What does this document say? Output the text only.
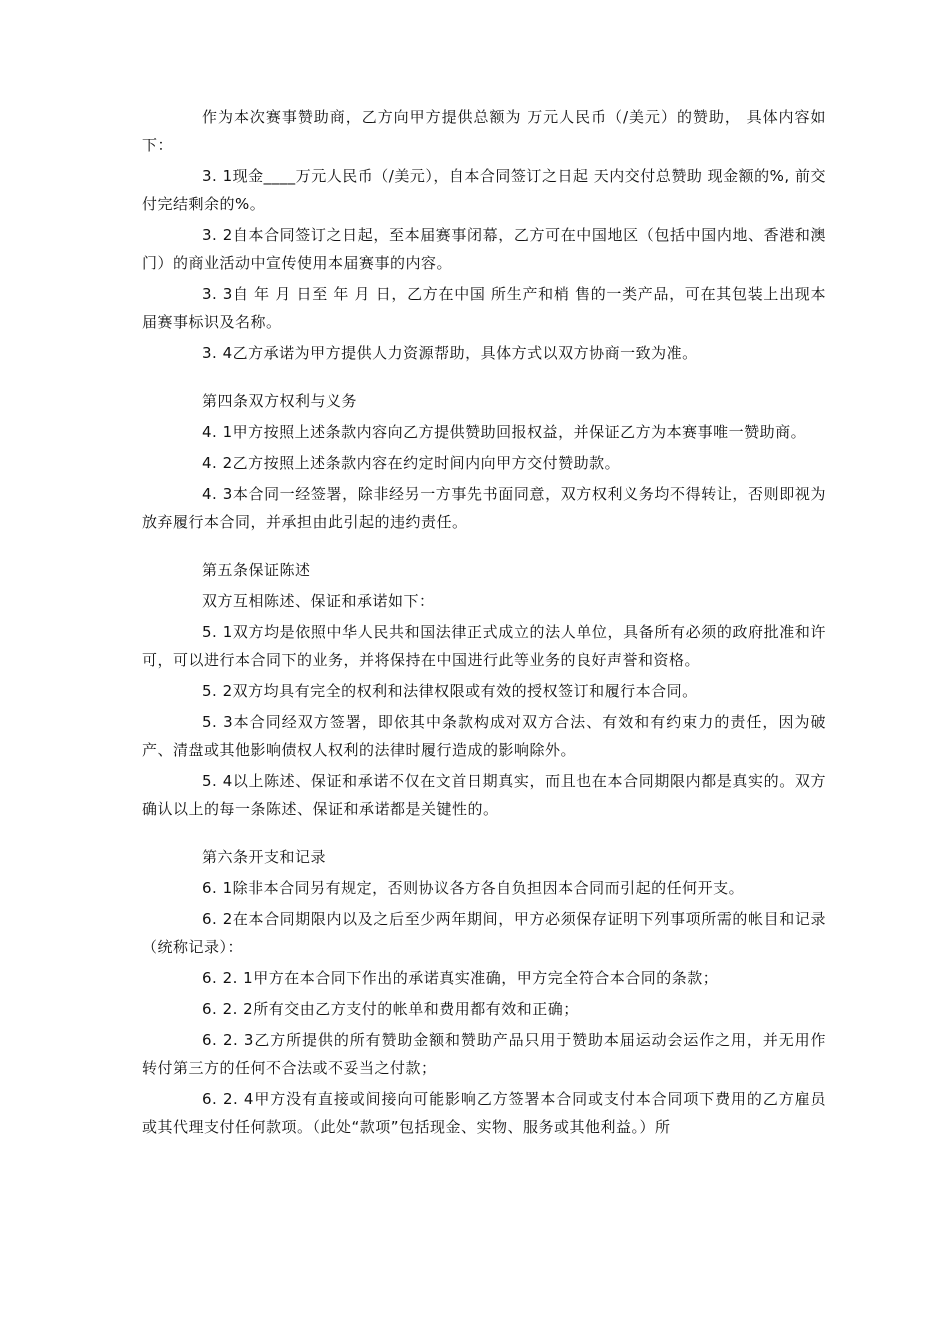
作为本次赛事赞助商，乙方向甲方提供总额为 万元人民币（/美元）的赞助， 具体内容如下：

3. 1现金____万元人民币（/美元），自本合同签订之日起 天内交付总赞助 现金额的%, 前交付完结剩余的%。

3. 2自本合同签订之日起，至本届赛事闭幕，乙方可在中国地区（包括中国内地、香港和澳门）的商业活动中宣传使用本届赛事的内容。

3. 3自 年 月 日至 年 月 日，乙方在中国 所生产和梢 售的一类产品，可在其包装上出现本届赛事标识及名称。

3. 4乙方承诺为甲方提供人力资源帮助，具体方式以双方协商一致为准。

第四条双方权利与义务

4. 1甲方按照上述条款内容向乙方提供赞助回报权益，并保证乙方为本赛事唯一赞助商。

4. 2乙方按照上述条款内容在约定时间内向甲方交付赞助款。

4. 3本合同一经签署，除非经另一方事先书面同意，双方权利义务均不得转让，否则即视为放弃履行本合同，并承担由此引起的违约责任。

第五条保证陈述

双方互相陈述、保证和承诺如下：

5. 1双方均是依照中华人民共和国法律正式成立的法人单位，具备所有必须的政府批准和许可，可以进行本合同下的业务，并将保持在中国进行此等业务的良好声誉和资格。

5. 2双方均具有完全的权利和法律权限或有效的授权签订和履行本合同。

5. 3本合同经双方签署，即依其中条款构成对双方合法、有效和有约束力的责任，因为破产、清盘或其他影响债权人权利的法律时履行造成的影响除外。

5. 4以上陈述、保证和承诺不仅在文首日期真实，而且也在本合同期限内都是真实的。双方确认以上的每一条陈述、保证和承诺都是关键性的。

第六条开支和记录

6. 1除非本合同另有规定，否则协议各方各自负担因本合同而引起的任何开支。

6. 2在本合同期限内以及之后至少两年期间，甲方必须保存证明下列事项所需的帐目和记录（统称记录）：

6. 2. 1甲方在本合同下作出的承诺真实准确，甲方完全符合本合同的条款；

6. 2. 2所有交由乙方支付的帐单和费用都有效和正确；

6. 2. 3乙方所提供的所有赞助金额和赞助产品只用于赞助本届运动会运作之用，并无用作转付第三方的任何不合法或不妥当之付款；

6. 2. 4甲方没有直接或间接向可能影响乙方签署本合同或支付本合同项下费用的乙方雇员或其代理支付任何款项。（此处“款项”包括现金、实物、服务或其他利益。）所
